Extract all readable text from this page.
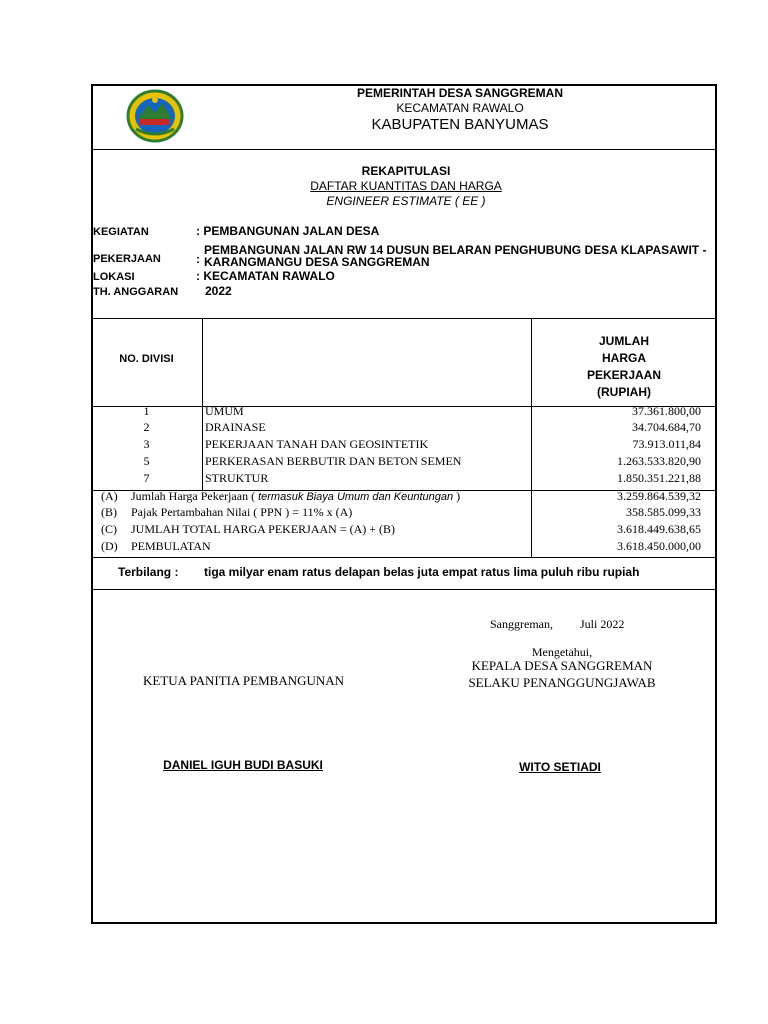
PEMERINTAH DESA SANGGREMAN
KECAMATAN RAWALO
KABUPATEN BANYUMAS
REKAPITULASI
DAFTAR KUANTITAS DAN HARGA
ENGINEER ESTIMATE ( EE )
KEGIATAN	: PEMBANGUNAN JALAN DESA
PEKERJAAN	:
PEMBANGUNAN JALAN RW 14 DUSUN BELARAN PENGHUBUNG DESA KLAPASAWIT -
KARANGMANGU DESA SANGGREMAN
LOKASI	: KECAMATAN RAWALO
TH. ANGGARAN 2022
NO. DIVISI
JUMLAH
HARGA
PEKERJAAN
(RUPIAH)
1	UMUM	37.361.800,00
2	DRAINASE	34.704.684,70
3	PEKERJAAN TANAH DAN GEOSINTETIK	73.913.011,84
5	PERKERASAN BERBUTIR DAN BETON SEMEN	1.263.533.820,90
7	STRUKTUR	1.850.351.221,88
(A) Jumlah Harga Pekerjaan ( termasuk Biaya Umum dan Keuntungan )	3.259.864.539,32
(B) Pajak Pertambahan Nilai ( PPN ) = 11% x (A)	358.585.099,33
(C) JUMLAH TOTAL HARGA PEKERJAAN = (A) + (B)	3.618.449.638,65
(D) PEMBULATAN	3.618.450.000,00
Terbilang : tiga milyar enam ratus delapan belas juta empat ratus lima puluh ribu rupiah
Sanggreman, Juli 2022
Mengetahui,
KEPALA DESA SANGGREMAN
SELAKU PENANGGUNGJAWAB
KETUA PANITIA PEMBANGUNAN
DANIEL IGUH BUDI BASUKI	WITO SETIADI
